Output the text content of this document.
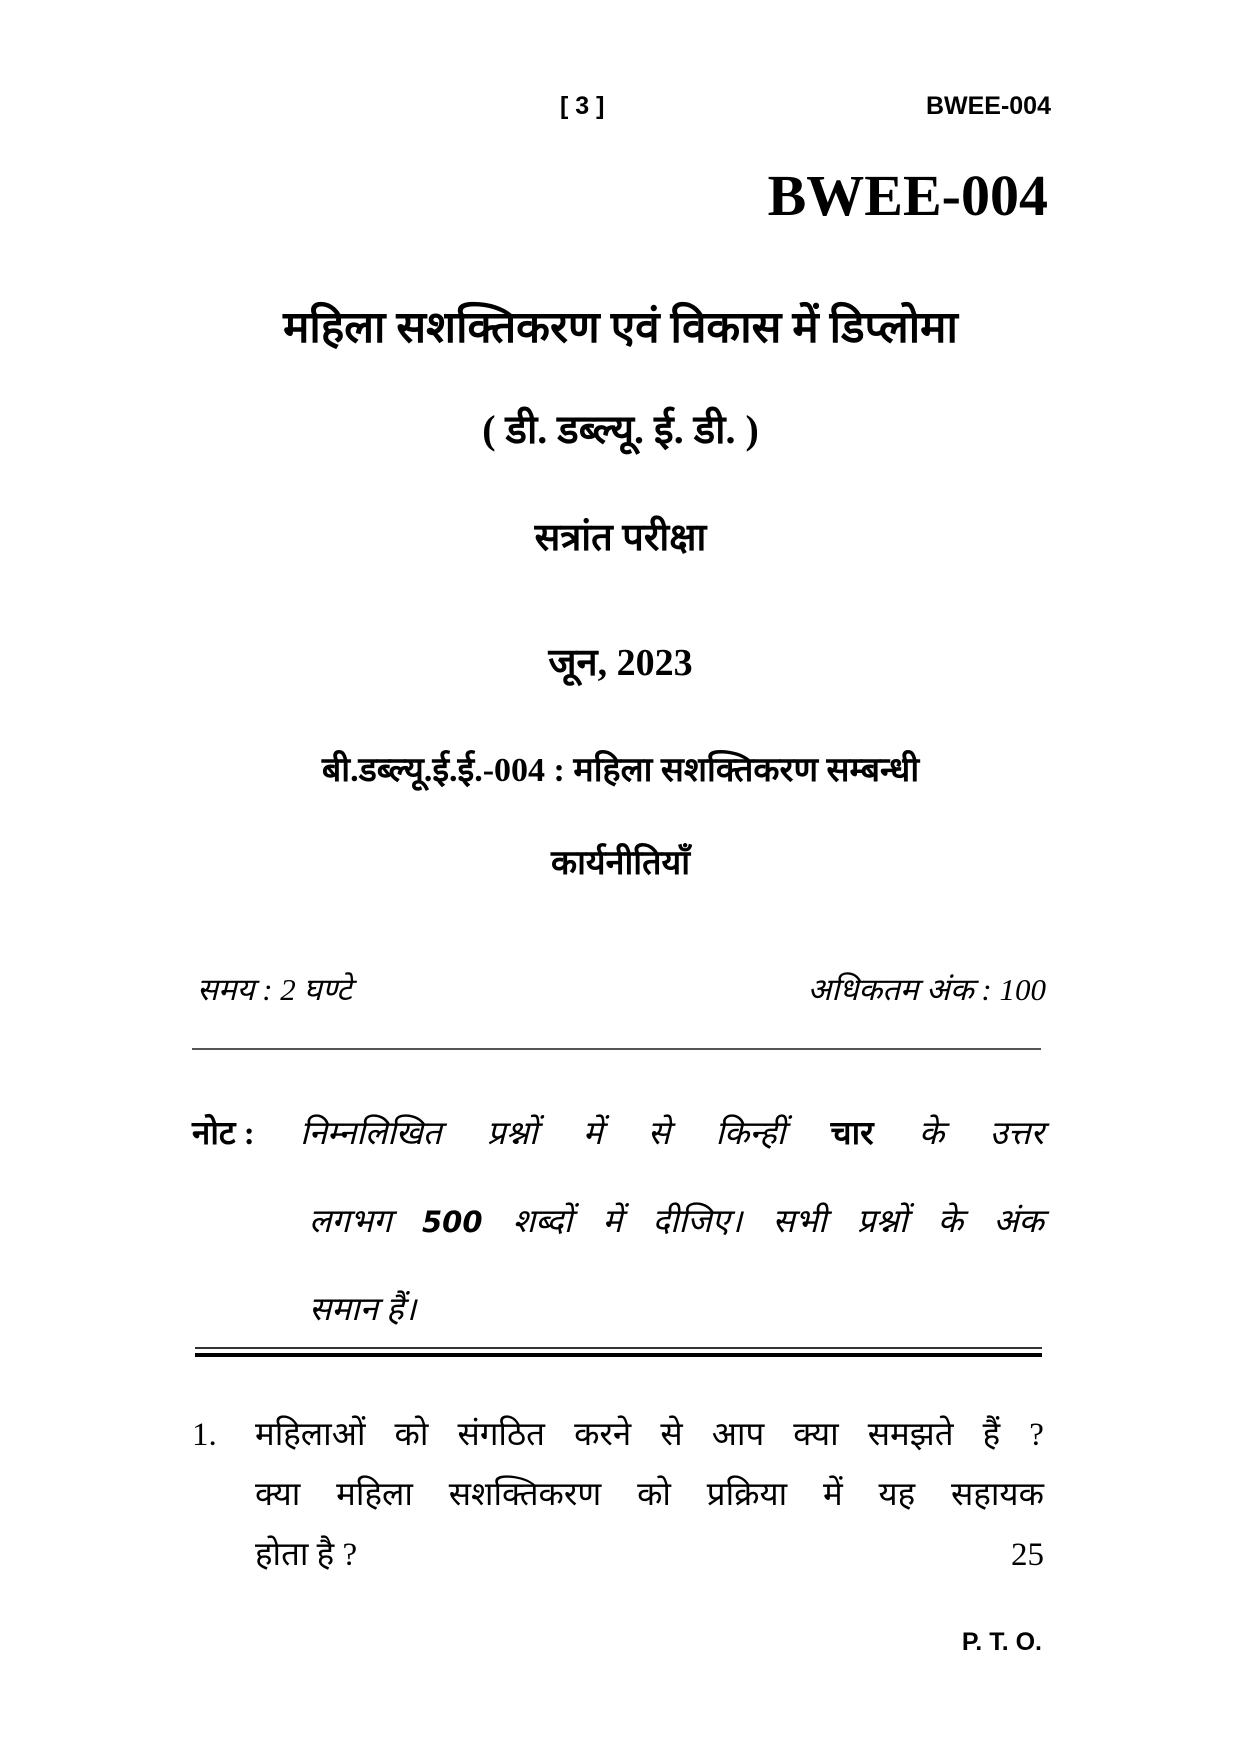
[ 3 ]	BWEE-004
BWEE-004
महिला सशक्तिकरण एवं विकास में डिप्लोमा
( डी. डब्ल्यू. ई. डी. )
सत्रांत परीक्षा
जून, 2023
बी.डब्ल्यू.ई.ई.-004 : महिला सशक्तिकरण सम्बन्धी
कार्यनीतियाँ
समय : 2 घण्टे	अधिकतम अंक : 100
नोट : निम्नलिखित प्रश्नों में से किन्हीं चार के उत्तर
लगभग 500 शब्दों में दीजिए। सभी प्रश्नों के अंक
समान हैं।
1.	महिलाओं को संगठित करने से आप क्या समझते हैं ?
क्या महिला सशक्तिकरण को प्रक्रिया में यह सहायक
होता है ?	25
P. T. O.
